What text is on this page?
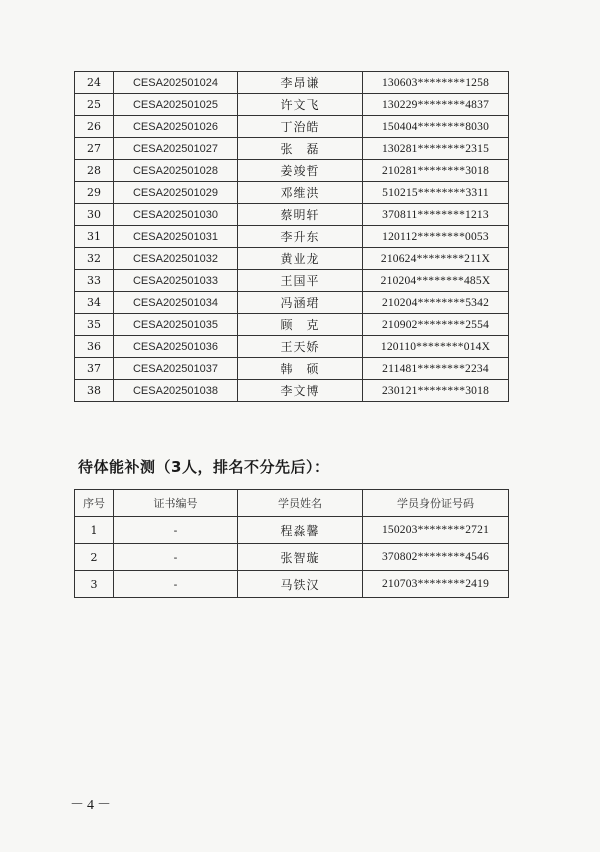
24	CESA202501024	李昂谦	130603********1258
25	CESA202501025	许文飞	130229********4837
26	CESA202501026	丁治皓	150404********8030
27	CESA202501027	张　磊	130281********2315
28	CESA202501028	姜竣哲	210281********3018
29	CESA202501029	邓维洪	510215********3311
30	CESA202501030	蔡明轩	370811********1213
31	CESA202501031	李升东	120112********0053
32	CESA202501032	黄业龙	210624********211X
33	CESA202501033	王国平	210204********485X
34	CESA202501034	冯涵珺	210204********5342
35	CESA202501035	顾　克	210902********2554
36	CESA202501036	王天娇	120110********014X
37	CESA202501037	韩　硕	211481********2234
38	CESA202501038	李文博	230121********3018
待体能补测（3人，排名不分先后）：
序号	证书编号	学员姓名	学员身份证号码
1	-	程淼馨	150203********2721
2	-	张智璇	370802********4546
3	-	马铁汉	210703********2419
－4－
